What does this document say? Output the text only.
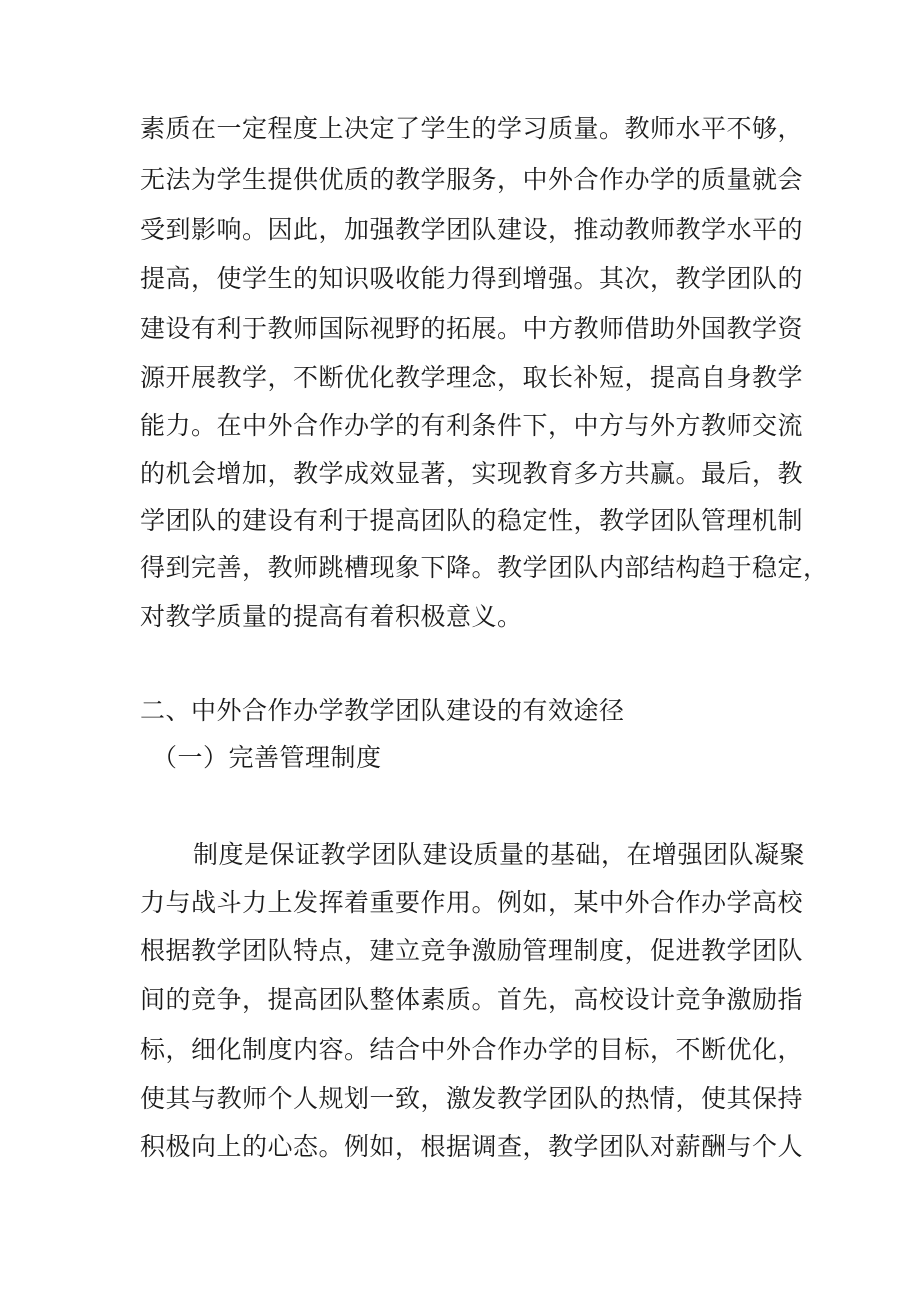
素质在一定程度上决定了学生的学习质量。教师水平不够，
无法为学生提供优质的教学服务，中外合作办学的质量就会
受到影响。因此，加强教学团队建设，推动教师教学水平的
提高，使学生的知识吸收能力得到增强。其次，教学团队的
建设有利于教师国际视野的拓展。中方教师借助外国教学资
源开展教学，不断优化教学理念，取长补短，提高自身教学
能力。在中外合作办学的有利条件下，中方与外方教师交流
的机会增加，教学成效显著，实现教育多方共赢。最后，教
学团队的建设有利于提高团队的稳定性，教学团队管理机制
得到完善，教师跳槽现象下降。教学团队内部结构趋于稳定，
对教学质量的提高有着积极意义。
二、中外合作办学教学团队建设的有效途径
（一）完善管理制度
制度是保证教学团队建设质量的基础，在增强团队凝聚
力与战斗力上发挥着重要作用。例如，某中外合作办学高校
根据教学团队特点，建立竞争激励管理制度，促进教学团队
间的竞争，提高团队整体素质。首先，高校设计竞争激励指
标，细化制度内容。结合中外合作办学的目标，不断优化，
使其与教师个人规划一致，激发教学团队的热情，使其保持
积极向上的心态。例如，根据调查，教学团队对薪酬与个人
